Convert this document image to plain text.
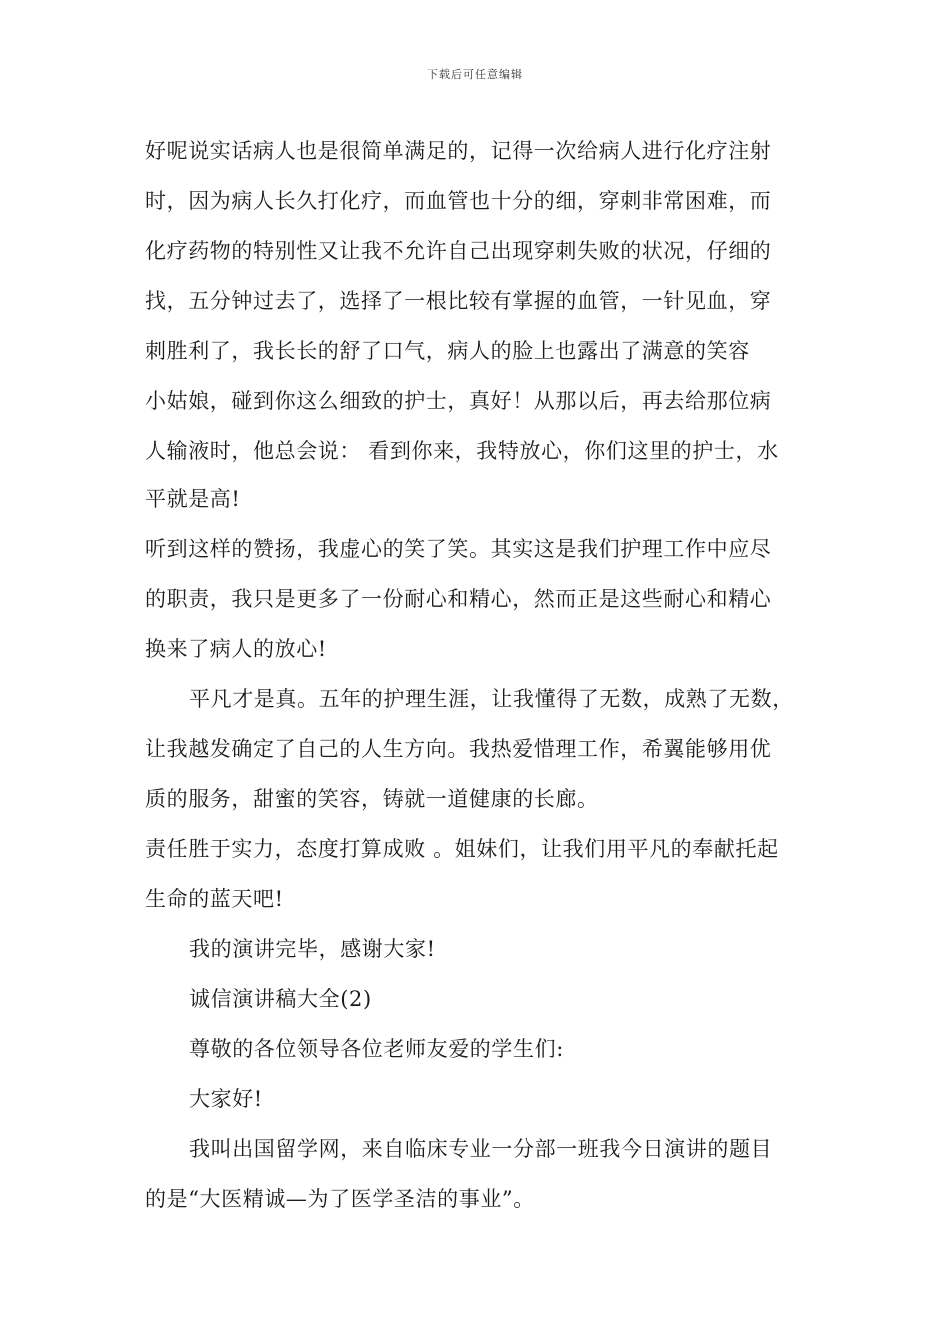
下载后可任意编辑
好呢说实话病人也是很简单满足的，记得一次给病人进行化疗注射
时，因为病人长久打化疗，而血管也十分的细，穿刺非常困难，而
化疗药物的特别性又让我不允许自己出现穿刺失败的状况，仔细的
找，五分钟过去了，选择了一根比较有掌握的血管，一针见血，穿
刺胜利了，我长长的舒了口气，病人的脸上也露出了满意的笑容
小姑娘，碰到你这么细致的护士，真好！从那以后，再去给那位病
人输液时，他总会说： 看到你来，我特放心，你们这里的护士，水
平就是高!
听到这样的赞扬，我虚心的笑了笑。其实这是我们护理工作中应尽
的职责，我只是更多了一份耐心和精心，然而正是这些耐心和精心
换来了病人的放心!
平凡才是真。五年的护理生涯，让我懂得了无数，成熟了无数，
让我越发确定了自己的人生方向。我热爱惜理工作，希翼能够用优
质的服务，甜蜜的笑容，铸就一道健康的长廊。
责任胜于实力，态度打算成败 。姐妹们，让我们用平凡的奉献托起
生命的蓝天吧!
我的演讲完毕，感谢大家!
诚信演讲稿大全(2)
尊敬的各位领导各位老师友爱的学生们:
大家好!
我叫出国留学网，来自临床专业一分部一班我今日演讲的题目
的是“大医精诚—为了医学圣洁的事业”。
